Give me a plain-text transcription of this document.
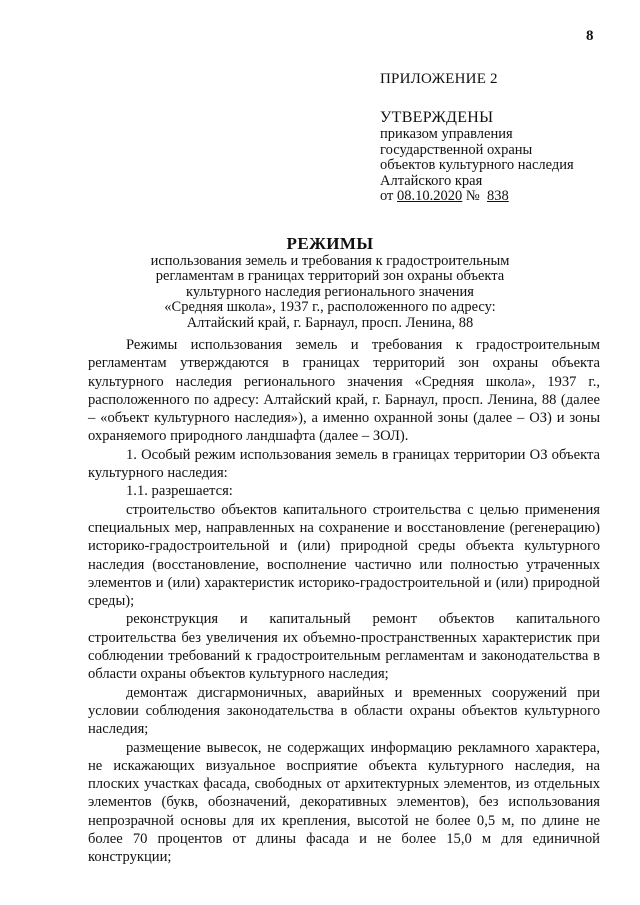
8
ПРИЛОЖЕНИЕ 2
УТВЕРЖДЕНЫ
приказом управления
государственной охраны
объектов культурного наследия
Алтайского края
от 08.10.2020 №  838
РЕЖИМЫ
использования земель и требования к градостроительным
регламентам в границах территорий зон охраны объекта
культурного наследия регионального значения
«Средняя школа», 1937 г., расположенного по адресу:
Алтайский край, г. Барнаул, просп. Ленина, 88

Режимы использования земель и требования к градостроительным регламентам утверждаются в границах территорий зон охраны объекта культурного наследия регионального значения «Средняя школа», 1937 г., расположенного по адресу: Алтайский край, г. Барнаул, просп. Ленина, 88 (далее – «объект культурного наследия»), а именно охранной зоны (далее – ОЗ) и зоны охраняемого природного ландшафта (далее – ЗОЛ).

1. Особый режим использования земель в границах территории ОЗ объекта культурного наследия:

1.1. разрешается:

строительство объектов капитального строительства с целью применения специальных мер, направленных на сохранение и восстановление (регенерацию) историко-градостроительной и (или) природной среды объекта культурного наследия (восстановление, восполнение частично или полностью утраченных элементов и (или) характеристик историко-градостроительной и (или) природной среды);

реконструкция и капитальный ремонт объектов капитального строительства без увеличения их объемно-пространственных характеристик при соблюдении требований к градостроительным регламентам и законодательства в области охраны объектов культурного наследия;

демонтаж дисгармоничных, аварийных и временных сооружений при условии соблюдения законодательства в области охраны объектов культурного наследия;

размещение вывесок, не содержащих информацию рекламного характера, не искажающих визуальное восприятие объекта культурного наследия, на плоских участках фасада, свободных от архитектурных элементов, из отдельных элементов (букв, обозначений, декоративных элементов), без использования непрозрачной основы для их крепления, высотой не более 0,5 м, по длине не более 70 процентов от длины фасада и не более 15,0 м для единичной конструкции;
